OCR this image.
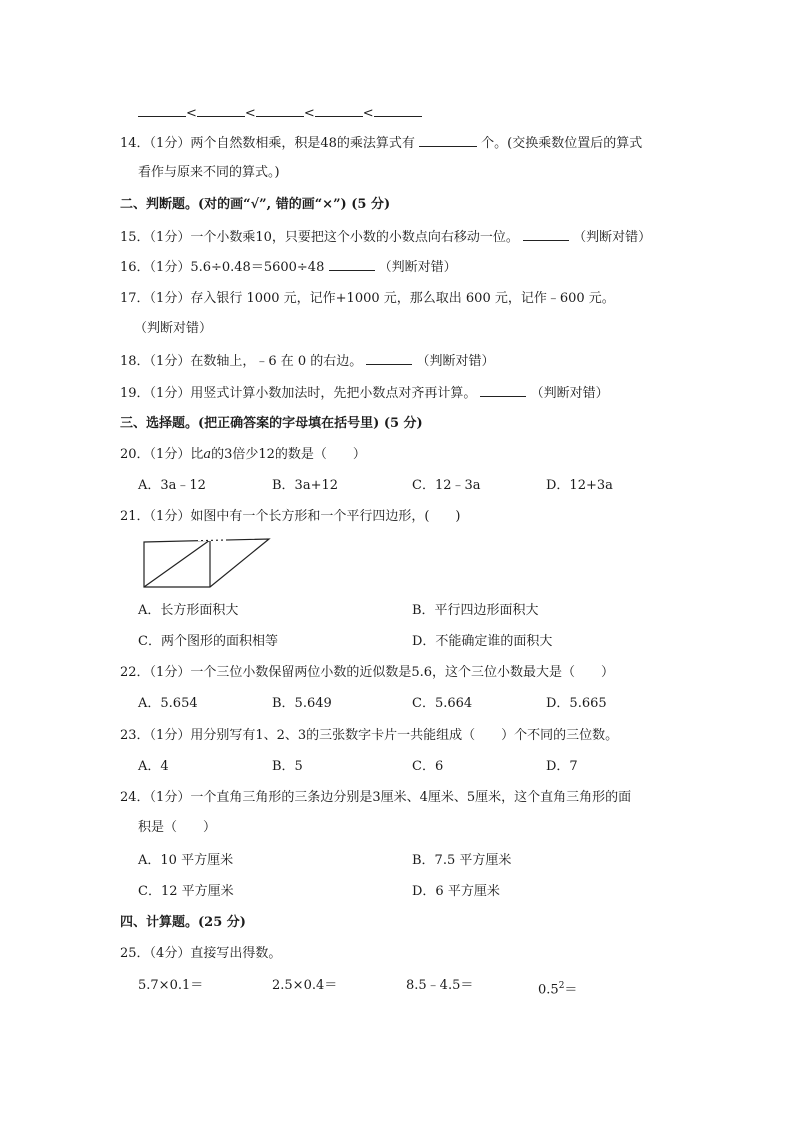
<	<	<	<
14．（1分）两个自然数相乘，积是48的乘法算式有	个。(交换乘数位置后的算式
看作与原来不同的算式。)
二、判断题。(对的画“√”, 错的画“×”) (5 分)
15．（1分）一个小数乘10，只要把这个小数的小数点向右移动一位。	（判断对错）
16．（1分）5.6÷0.48＝5600÷48	（判断对错）
17．（1分）存入银行 1000 元，记作+1000 元，那么取出 600 元，记作﹣600 元。
（判断对错）
18．（1分）在数轴上，﹣6 在 0 的右边。	（判断对错）
19．（1分）用竖式计算小数加法时，先把小数点对齐再计算。	（判断对错）
三、选择题。(把正确答案的字母填在括号里) (5 分)
20．（1分）比a的3倍少12的数是（　　）
A．3a﹣12	B．3a+12	C．12﹣3a	D．12+3a
21．（1分）如图中有一个长方形和一个平行四边形，(　　)
A．长方形面积大	B．平行四边形面积大
C．两个图形的面积相等	D．不能确定谁的面积大
22．（1分）一个三位小数保留两位小数的近似数是5.6，这个三位小数最大是（　　）
A．5.654	B．5.649	C．5.664	D．5.665
23．（1分）用分别写有1、2、3的三张数字卡片一共能组成（　　）个不同的三位数。
A．4	B．5	C．6	D．7
24．（1分）一个直角三角形的三条边分别是3厘米、4厘米、5厘米，这个直角三角形的面
积是（　　）
A．10 平方厘米	B．7.5 平方厘米
C．12 平方厘米	D．6 平方厘米
四、计算题。(25 分)
25．（4分）直接写出得数。
5.7×0.1＝	2.5×0.4＝	8.5﹣4.5＝	$0.5^2=$
